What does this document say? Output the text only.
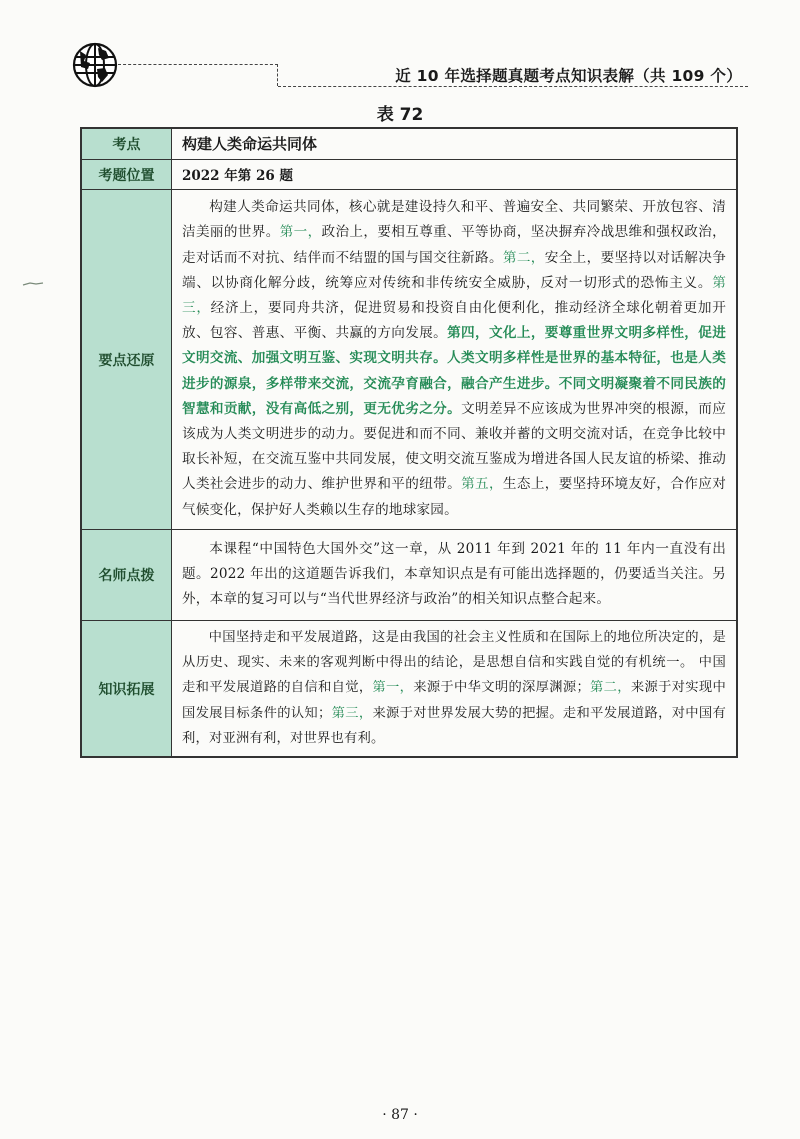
近 10 年选择题真题考点知识表解（共 109 个）
表 72
考点	构建人类命运共同体
考题位置	2022 年第 26 题
要点还原	构建人类命运共同体，核心就是建设持久和平、普遍安全、共同繁荣、开放包容、清洁美丽的世界。第一，政治上，要相互尊重、平等协商，坚决摒弃冷战思维和强权政治，走对话而不对抗、结伴而不结盟的国与国交往新路。第二，安全上，要坚持以对话解决争端、以协商化解分歧，统筹应对传统和非传统安全威胁，反对一切形式的恐怖主义。第三，经济上，要同舟共济，促进贸易和投资自由化便利化，推动经济全球化朝着更加开放、包容、普惠、平衡、共赢的方向发展。第四，文化上，要尊重世界文明多样性，促进文明交流、加强文明互鉴、实现文明共存。人类文明多样性是世界的基本特征，也是人类进步的源泉，多样带来交流，交流孕育融合，融合产生进步。不同文明凝聚着不同民族的智慧和贡献，没有高低之别，更无优劣之分。文明差异不应该成为世界冲突的根源，而应该成为人类文明进步的动力。要促进和而不同、兼收并蓄的文明交流对话，在竞争比较中取长补短，在交流互鉴中共同发展，使文明交流互鉴成为增进各国人民友谊的桥梁、推动人类社会进步的动力、维护世界和平的纽带。第五，生态上，要坚持环境友好，合作应对气候变化，保护好人类赖以生存的地球家园。

名师点拨	本课程“中国特色大国外交”这一章，从 2011 年到 2021 年的 11 年内一直没有出题。2022 年出的这道题告诉我们，本章知识点是有可能出选择题的，仍要适当关注。另外，本章的复习可以与“当代世界经济与政治”的相关知识点整合起来。

知识拓展	中国坚持走和平发展道路，这是由我国的社会主义性质和在国际上的地位所决定的，是从历史、现实、未来的客观判断中得出的结论，是思想自信和实践自觉的有机统一。 中国走和平发展道路的自信和自觉，第一，来源于中华文明的深厚渊源；第二，来源于对实现中国发展目标条件的认知；第三，来源于对世界发展大势的把握。走和平发展道路，对中国有利，对亚洲有利，对世界也有利。

· 87 ·
